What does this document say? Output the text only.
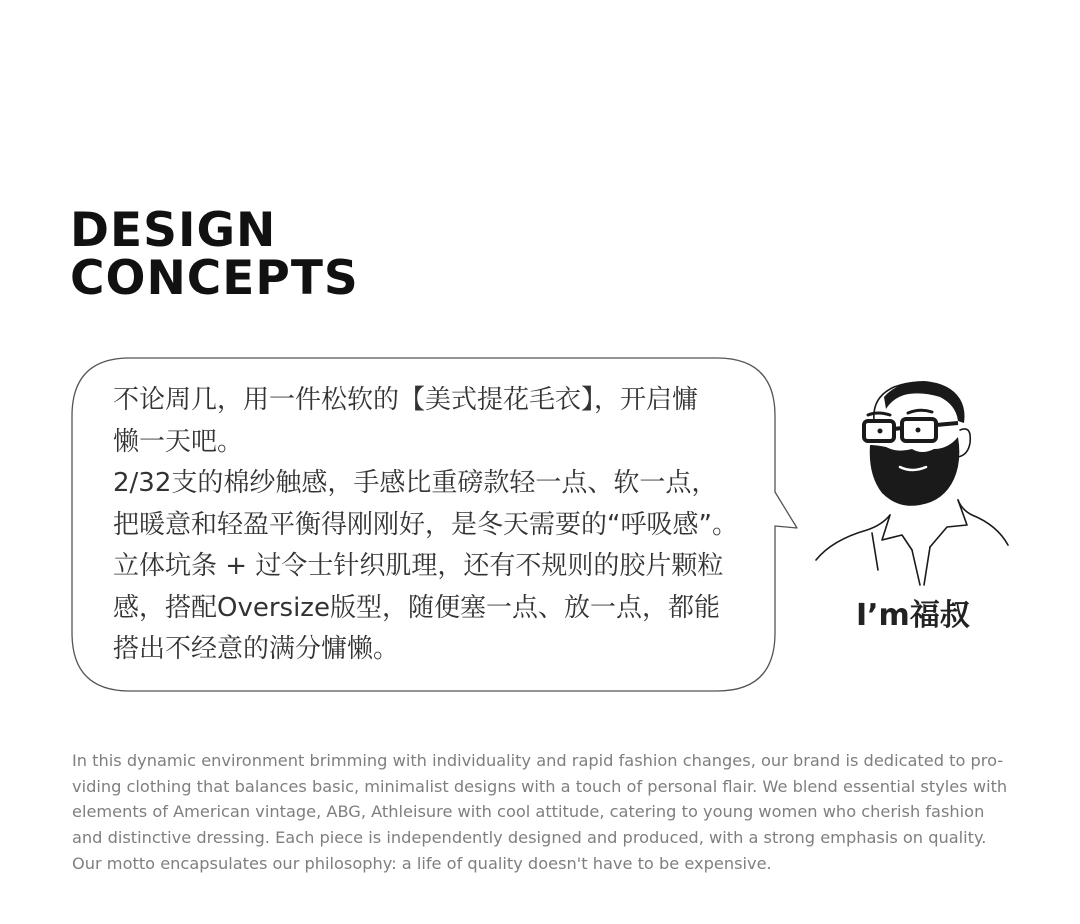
DESIGN
CONCEPTS
不论周几，用一件松软的【美式提花毛衣】，开启慵
懒一天吧。
2/32支的棉纱触感，手感比重磅款轻一点、软一点，
把暖意和轻盈平衡得刚刚好，是冬天需要的“呼吸感”。
立体坑条 + 过令士针织肌理，还有不规则的胶片颗粒
感，搭配Oversize版型，随便塞一点、放一点，都能
搭出不经意的满分慵懒。

I’m福叔

In this dynamic environment brimming with individuality and rapid fashion changes, our brand is dedicated to pro-
viding clothing that balances basic, minimalist designs with a touch of personal flair. We blend essential styles with
elements of American vintage, ABG, Athleisure with cool attitude, catering to young women who cherish fashion
and distinctive dressing. Each piece is independently designed and produced, with a strong emphasis on quality.
Our motto encapsulates our philosophy: a life of quality doesn't have to be expensive.
